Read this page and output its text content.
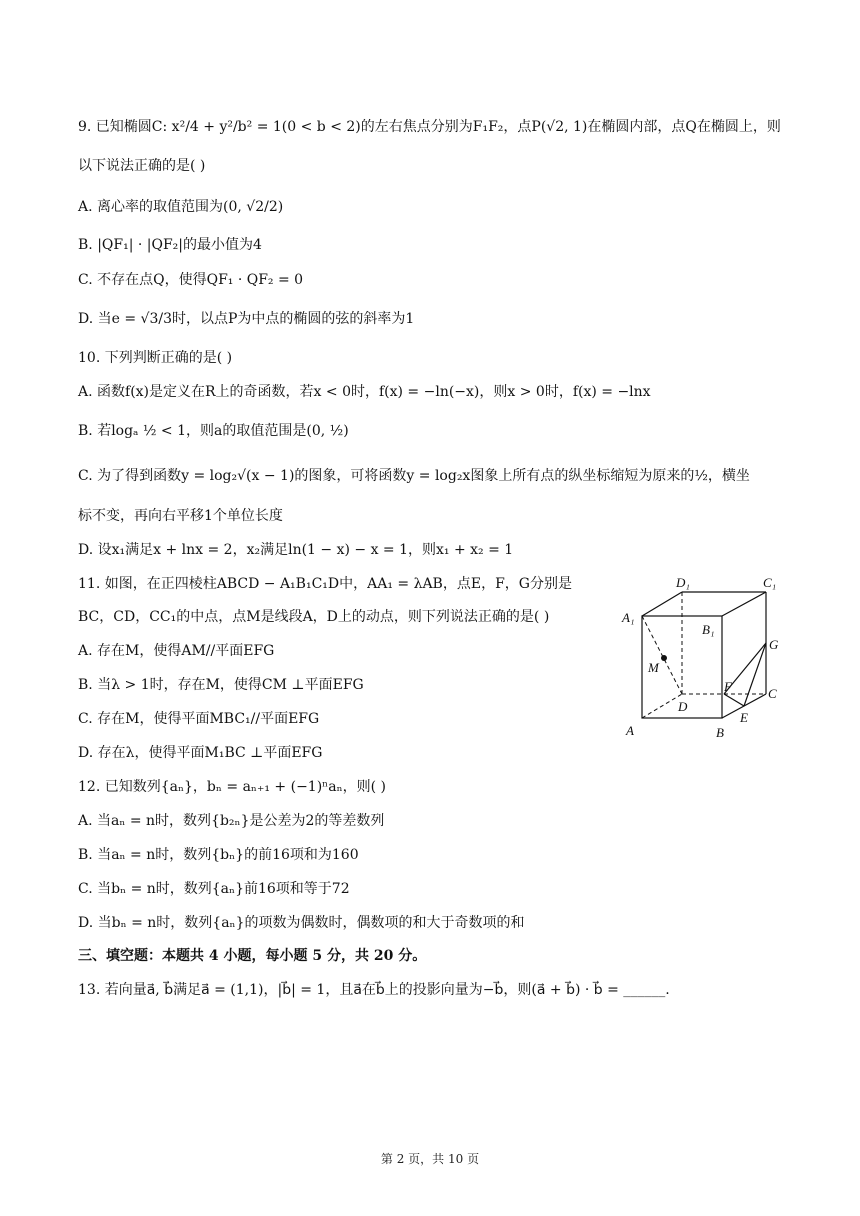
9. 已知椭圆C: x²/4 + y²/b² = 1(0 < b < 2)的左右焦点分别为F₁F₂，点P(√2, 1)在椭圆内部，点Q在椭圆上，则
以下说法正确的是( )
A. 离心率的取值范围为(0, √2/2)
B. |QF₁| · |QF₂|的最小值为4
C. 不存在点Q，使得QF₁ · QF₂ = 0
D. 当e = √3/3时，以点P为中点的椭圆的弦的斜率为1
10. 下列判断正确的是( )
A. 函数f(x)是定义在R上的奇函数，若x < 0时，f(x) = −ln(−x)，则x > 0时，f(x) = −lnx
B. 若logₐ ½ < 1，则a的取值范围是(0, ½)
C. 为了得到函数y = log₂√(x − 1)的图象，可将函数y = log₂x图象上所有点的纵坐标缩短为原来的½，横坐
标不变，再向右平移1个单位长度
D. 设x₁满足x + lnx = 2，x₂满足ln(1 − x) − x = 1，则x₁ + x₂ = 1
11. 如图，在正四棱柱ABCD − A₁B₁C₁D中，AA₁ = λAB，点E，F，G分别是
BC，CD，CC₁的中点，点M是线段A，D上的动点，则下列说法正确的是( )
A. 存在M，使得AM//平面EFG
B. 当λ > 1时，存在M，使得CM ⊥平面EFG
C. 存在M，使得平面MBC₁//平面EFG
D. 存在λ，使得平面M₁BC ⊥平面EFG
D₁	C₁
A₁
B₁
M
G
F	C
D
E
A	B
12. 已知数列{aₙ}，bₙ = aₙ₊₁ + (−1)ⁿaₙ，则( )
A. 当aₙ = n时，数列{b₂ₙ}是公差为2的等差数列
B. 当aₙ = n时，数列{bₙ}的前16项和为160
C. 当bₙ = n时，数列{aₙ}前16项和等于72
D. 当bₙ = n时，数列{aₙ}的项数为偶数时，偶数项的和大于奇数项的和
三、填空题：本题共 4 小题，每小题 5 分，共 20 分。
13. 若向量a⃗, b⃗满足a⃗ = (1,1)，|b⃗| = 1，且a⃗在b⃗上的投影向量为−b⃗，则(a⃗ + b⃗) · b⃗ = ______.
第 2 页，共 10 页
